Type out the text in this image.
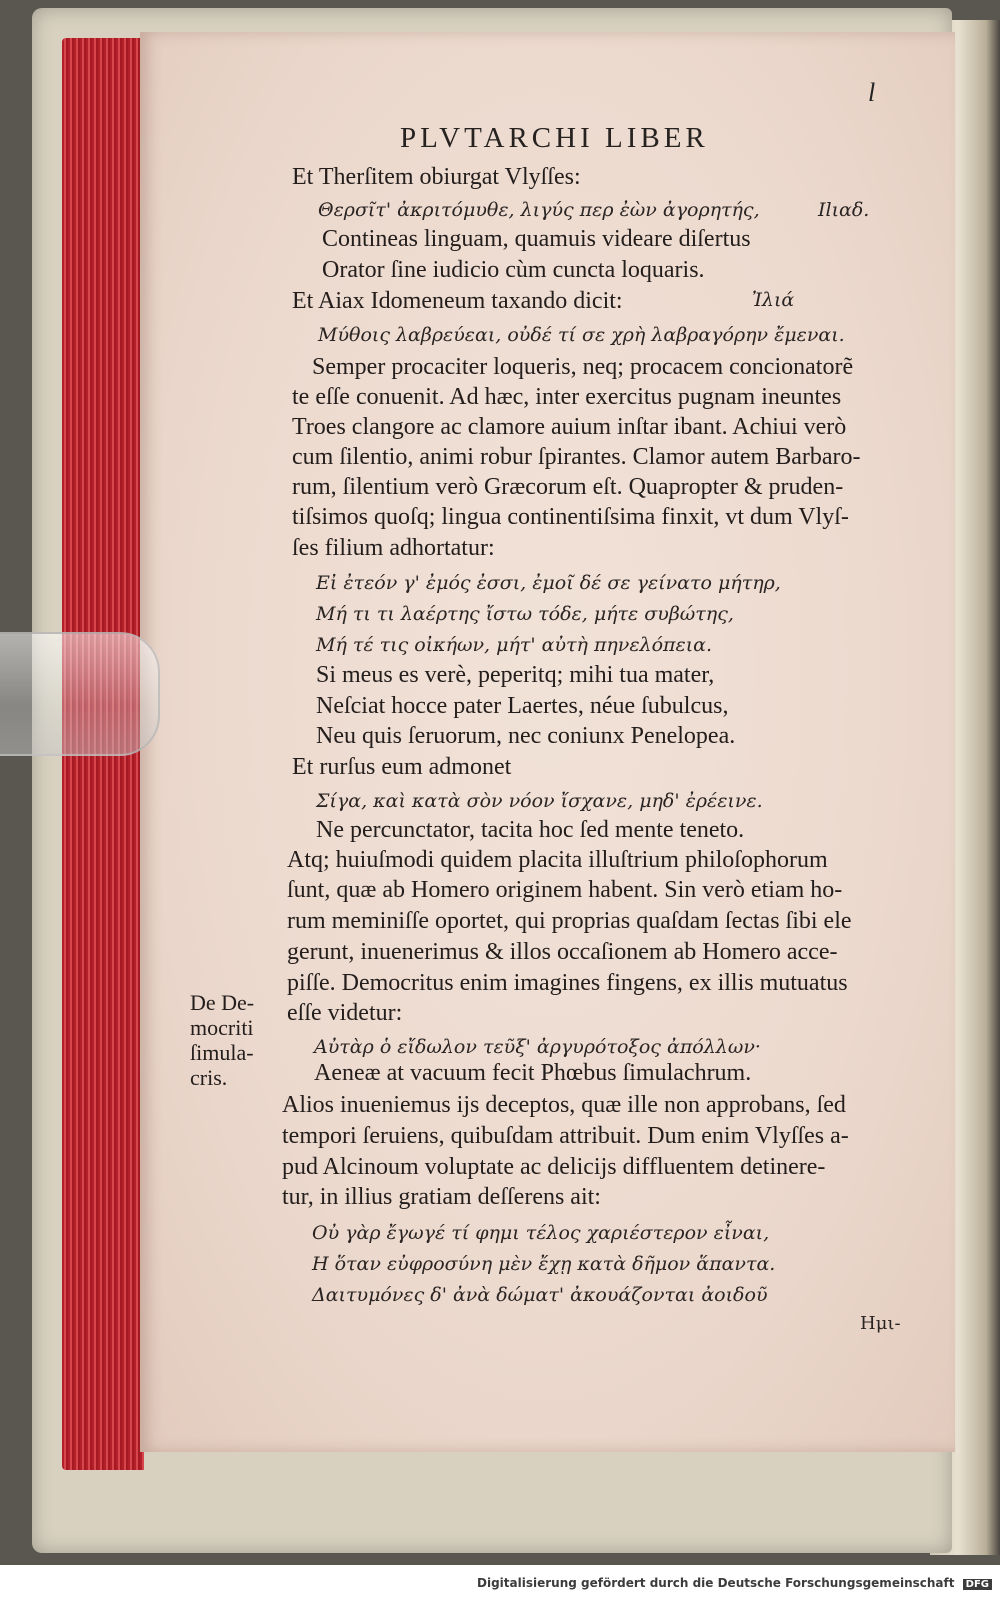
l
PLVTARCHI LIBER
Et Therſitem obiurgat Vlyſſes:
Θερσῖτ' ἀκριτόμυθε, λιγύς περ ἐὼν ἀγορητής,	Ilιɑδ.
Contineas linguam, quamuis videare diſertus
Orator ſine iudicio cùm cuncta loquaris.
Et Aiax Idomeneum taxando dicit:	Ἰλιά
Μύθοις λαβρεύεαι, οὐδέ τί σε χρὴ λαβραγόρην ἔμεναι.
Semper procaciter loqueris, neq; procacem concionatorẽ
te eſſe conuenit. Ad hæc, inter exercitus pugnam ineuntes
Troes clangore ac clamore auium inſtar ibant. Achiui verò
cum ſilentio, animi robur ſpirantes. Clamor autem Barbaro-
rum, ſilentium verò Græcorum eſt. Quapropter & pruden-
tiſsimos quoſq; lingua continentiſsima finxit, vt dum Vlyſ-
ſes filium adhortatur:
Εἰ ἐτεόν γ' ἐμός ἐσσι, ἐμοῖ δέ σε γείνατο μήτηρ,
Μή τι τι λαέρτης ἴστω τόδε, μήτε συβώτης,
Μή τέ τις οἰκήων, μήτ' αὐτὴ πηνελόπεια.
Si meus es verè, peperitq; mihi tua mater,
Neſciat hocce pater Laertes, néue ſubulcus,
Neu quis ſeruorum, nec coniunx Penelopea.
Et rurſus eum admonet
Σίγα, καὶ κατὰ σὸν νόον ἴσχανε, μηδ' ἐρέεινε.
Ne percunctator, tacita hoc ſed mente teneto.
Atq; huiuſmodi quidem placita illuſtrium philoſophorum
ſunt, quæ ab Homero originem habent. Sin verò etiam ho-
rum meminiſſe oportet, qui proprias quaſdam ſectas ſibi ele
gerunt, inuenerimus & illos occaſionem ab Homero acce-
piſſe. Democritus enim imagines fingens, ex illis mutuatus
eſſe videtur:
Αὐτὰρ ὁ εἴδωλον τεῦξ' ἀργυρότοξος ἀπόλλων·
Aeneæ at vacuum fecit Phœbus ſimulachrum.
Alios inueniemus ijs deceptos, quæ ille non approbans, ſed
tempori ſeruiens, quibuſdam attribuit. Dum enim Vlyſſes a-
pud Alcinoum voluptate ac delicijs diffluentem detinere-
tur, in illius gratiam deſſerens ait:
Οὐ γὰρ ἔγωγέ τί φημι τέλος χαριέστερον εἶναι,
Η ὅταν εὐφροσύνη μὲν ἔχῃ κατὰ δῆμον ἅπαντα.
Δαιτυμόνες δ' ἀνὰ δώματ' ἀκουάζονται ἀοιδοῦ
De De-
mocriti
ſimula-
cris.
Ημι-
Digitalisierung gefördert durch die Deutsche Forschungsgemeinschaft DFG
